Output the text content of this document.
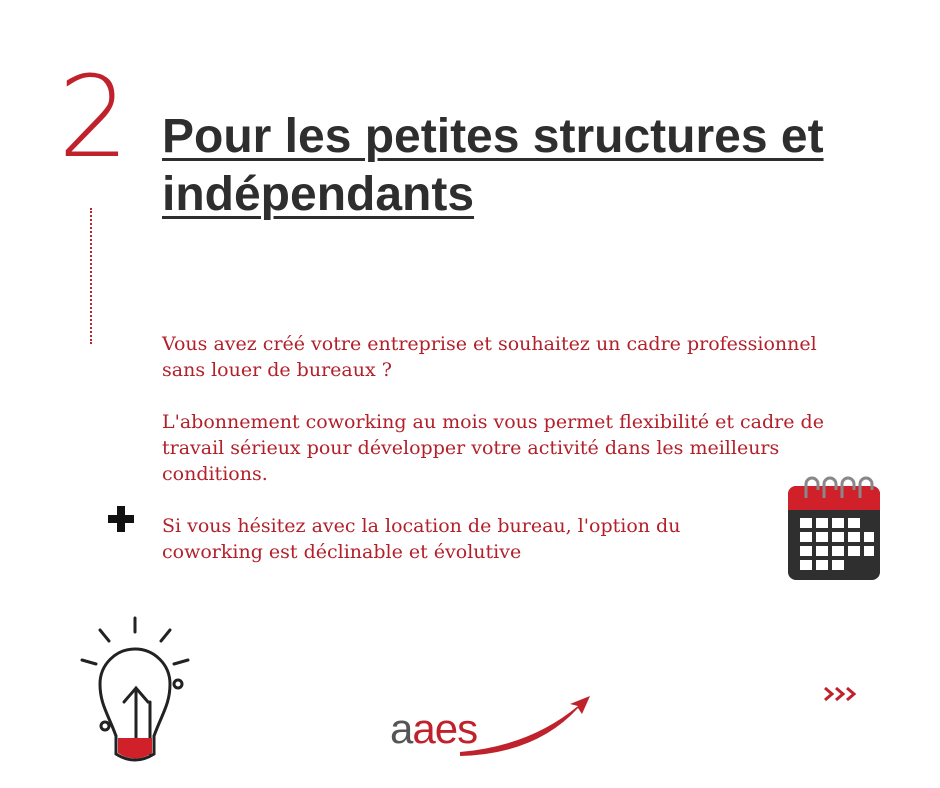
2 Pour les petites structures et indépendants

Vous avez créé votre entreprise et souhaitez un cadre professionnel sans louer de bureaux ?

L'abonnement coworking au mois vous permet flexibilité et cadre de travail sérieux pour développer votre activité dans les meilleurs conditions.

Si vous hésitez avec la location de bureau, l'option du coworking est déclinable et évolutive

aaes
